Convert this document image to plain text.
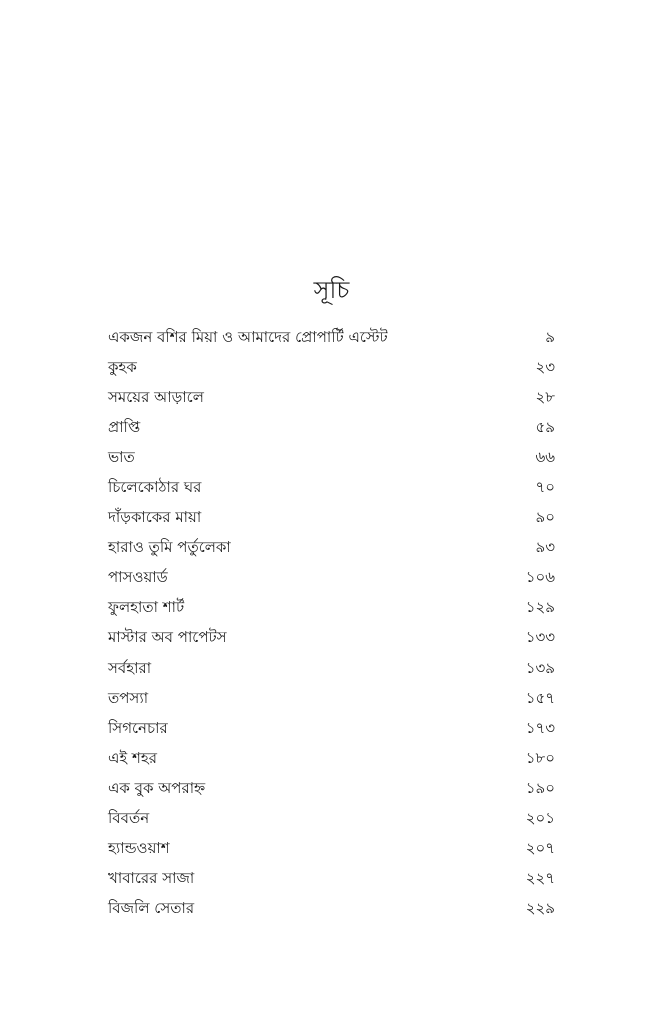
সূচি
একজন বশির মিয়া ও আমাদের প্রোপার্টি এস্টেট	৯
কুহক	২৩
সময়ের আড়ালে	২৮
প্রাপ্তি	৫৯
ভাত	৬৬
চিলেকোঠার ঘর	৭০
দাঁড়কাকের মায়া	৯০
হারাও তুমি পর্তুলেকা	৯৩
পাসওয়ার্ড	১০৬
ফুলহাতা শার্ট	১২৯
মাস্টার অব পাপেটস	১৩৩
সর্বহারা	১৩৯
তপস্যা	১৫৭
সিগনেচার	১৭৩
এই শহর	১৮০
এক বুক অপরাহ্ন	১৯০
বিবর্তন	২০১
হ্যান্ডওয়াশ	২০৭
খাবারের সাজা	২২৭
বিজলি সেতার	২২৯
